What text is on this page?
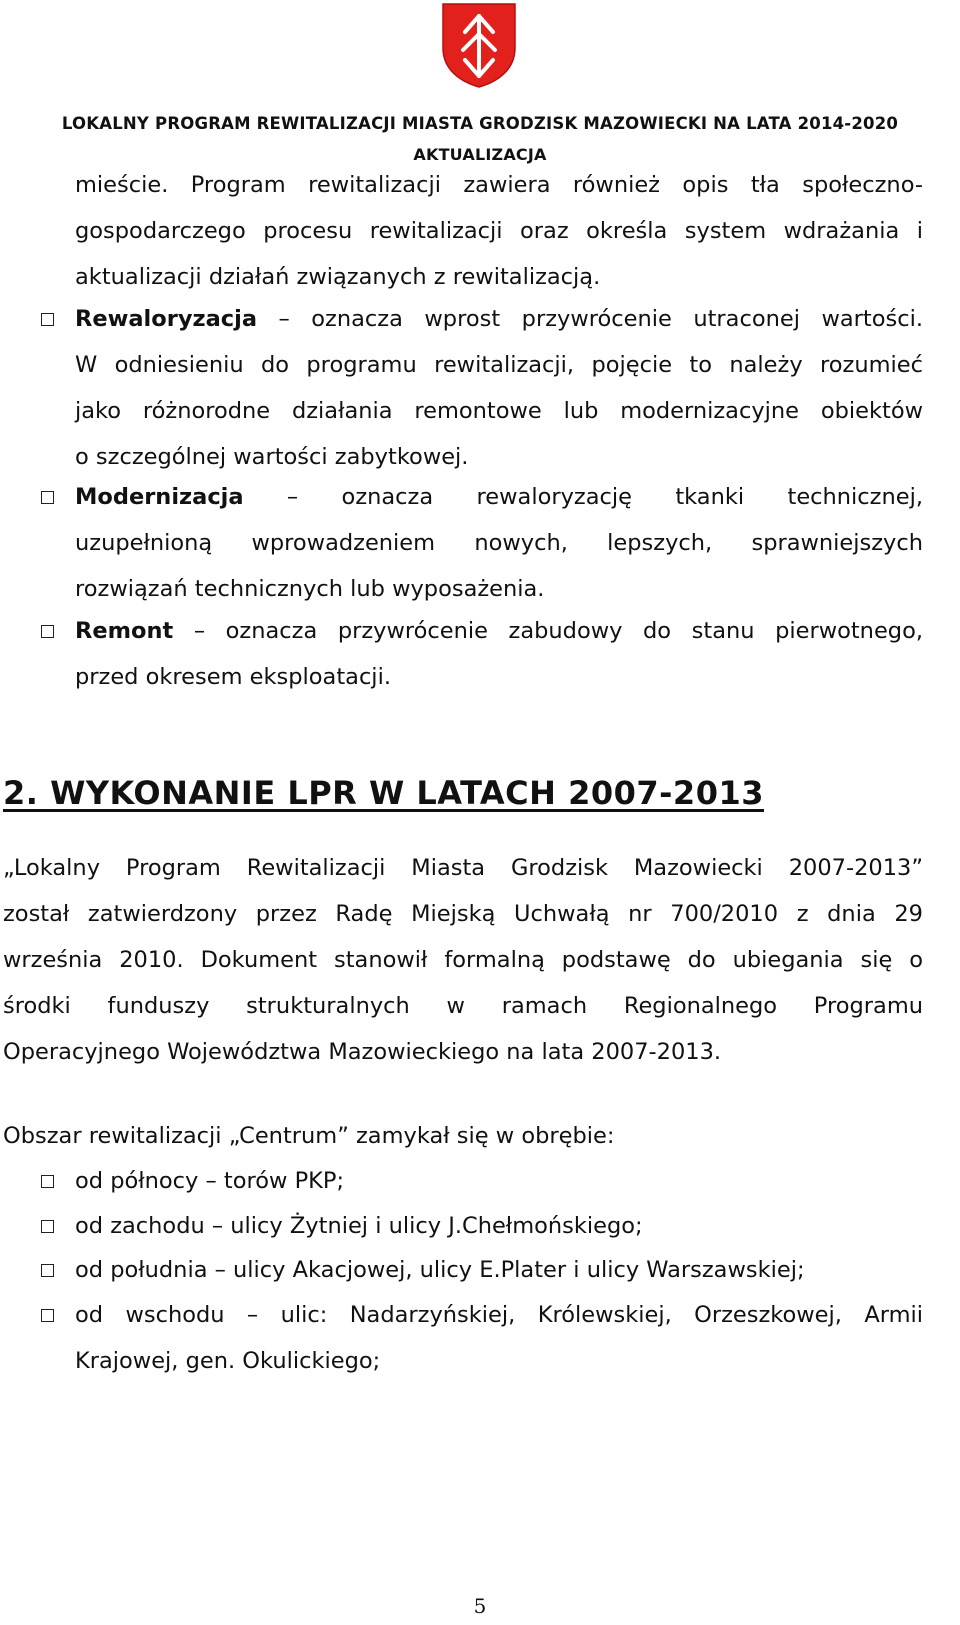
LOKALNY PROGRAM REWITALIZACJI MIASTA GRODZISK MAZOWIECKI NA LATA 2014-2020
AKTUALIZACJA
mieście. Program rewitalizacji zawiera również opis tła społeczno-
gospodarczego procesu rewitalizacji oraz określa system wdrażania i
aktualizacji działań związanych z rewitalizacją.
Rewaloryzacja – oznacza wprost przywrócenie utraconej wartości.
W odniesieniu do programu rewitalizacji, pojęcie to należy rozumieć
jako różnorodne działania remontowe lub modernizacyjne obiektów
o szczególnej wartości zabytkowej.
Modernizacja – oznacza rewaloryzację tkanki technicznej,
uzupełnioną wprowadzeniem nowych, lepszych, sprawniejszych
rozwiązań technicznych lub wyposażenia.
Remont – oznacza przywrócenie zabudowy do stanu pierwotnego,
przed okresem eksploatacji.
2. WYKONANIE LPR W LATACH 2007-2013
„Lokalny Program Rewitalizacji Miasta Grodzisk Mazowiecki 2007-2013”
został zatwierdzony przez Radę Miejską Uchwałą nr 700/2010 z dnia 29
września 2010. Dokument stanowił formalną podstawę do ubiegania się o
środki funduszy strukturalnych w ramach Regionalnego Programu
Operacyjnego Województwa Mazowieckiego na lata 2007-2013.
Obszar rewitalizacji „Centrum” zamykał się w obrębie:
od północy – torów PKP;
od zachodu – ulicy Żytniej i ulicy J.Chełmońskiego;
od południa – ulicy Akacjowej, ulicy E.Plater i ulicy Warszawskiej;
od wschodu – ulic: Nadarzyńskiej, Królewskiej, Orzeszkowej, Armii
Krajowej, gen. Okulickiego;
5
